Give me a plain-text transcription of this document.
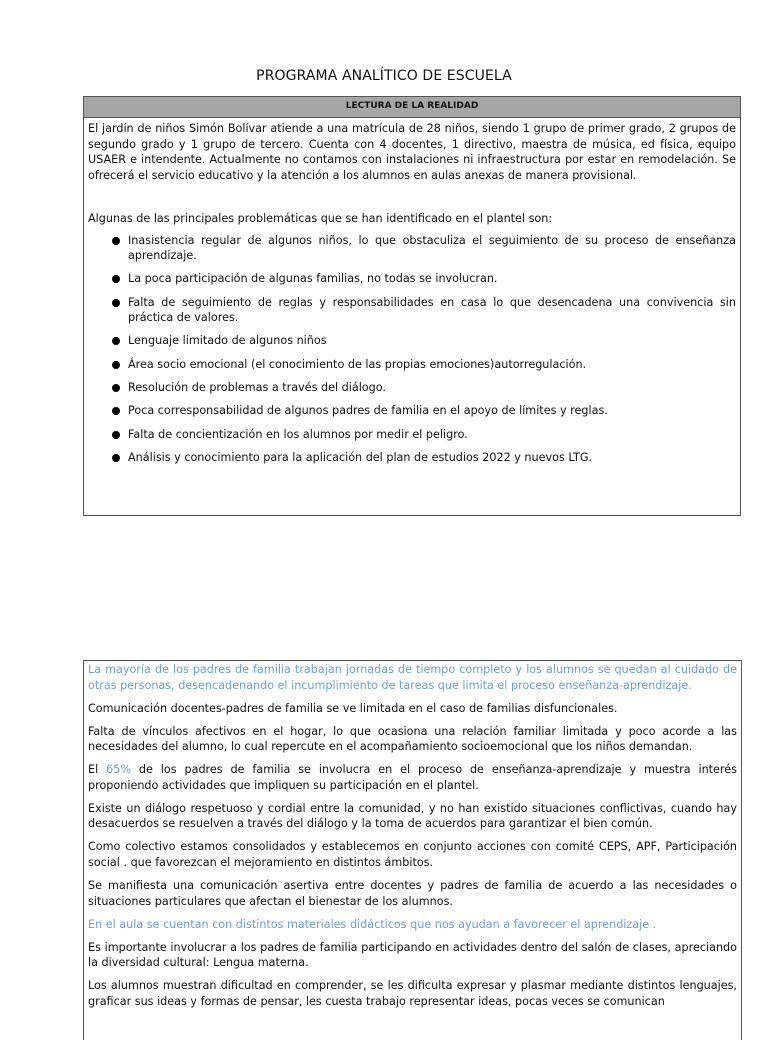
PROGRAMA ANALÍTICO DE ESCUELA
LECTURA DE LA REALIDAD

El jardín de niños Simón Bolívar atiende a una matrícula de 28 niños, siendo 1 grupo de primer grado, 2 grupos de segundo grado y 1 grupo de tercero. Cuenta con 4 docentes, 1 directivo, maestra de música, ed física, equipo USAER e intendente. Actualmente no contamos con instalaciones ni infraestructura por estar en remodelación. Se ofrecerá el servicio educativo y la atención a los alumnos en aulas anexas de manera provisional.

Algunas de las principales problemáticas que se han identificado en el plantel son:

Inasistencia regular de algunos niños, lo que obstaculiza el seguimiento de su proceso de enseñanza aprendizaje.
La poca participación de algunas familias, no todas se involucran.
Falta de seguimiento de reglas y responsabilidades en casa lo que desencadena una convivencia sin práctica de valores.
Lenguaje limitado de algunos niños
Área socio emocional (el conocimiento de las propias emociones)autorregulación.
Resolución de problemas a través del diálogo.
Poca corresponsabilidad de algunos padres de familia en el apoyo de límites y reglas.
Falta de concientización en los alumnos por medir el peligro.
Análisis y conocimiento para la aplicación del plan de estudios 2022 y nuevos LTG.

La mayoría de los padres de familia trabajan jornadas de tiempo completo y los alumnos se quedan al cuidado de otras personas, desencadenando el incumplimiento de tareas que limita el proceso enseñanza-aprendizaje.

Comunicación docentes-padres de familia se ve limitada en el caso de familias disfuncionales.

Falta de vínculos afectivos en el hogar, lo que ocasiona una relación familiar limitada y poco acorde a las necesidades del alumno, lo cual repercute en el acompañamiento socioemocional que los niños demandan.

El 65% de los padres de familia se involucra en el proceso de enseñanza-aprendizaje y muestra interés proponiendo actividades que impliquen su participación en el plantel.

Existe un diálogo respetuoso y cordial entre la comunidad, y no han existido situaciones conflictivas, cuando hay desacuerdos se resuelven a través del diálogo y la toma de acuerdos para garantizar el bien común.

Como colectivo estamos consolidados y establecemos en conjunto acciones con comité CEPS, APF, Participación social . que favorezcan el mejoramiento en distintos ámbitos.

Se manifiesta una comunicación asertiva entre docentes y padres de familia de acuerdo a las necesidades o situaciones particulares que afectan el bienestar de los alumnos.

En el aula se cuentan con distintos materiales didácticos que nos ayudan a favorecer el aprendizaje .

Es importante involucrar a los padres de familia participando en actividades dentro del salón de clases, apreciando la diversidad cultural: Lengua materna.

Los alumnos muestran dificultad en comprender, se les dificulta expresar y plasmar mediante distintos lenguajes, graficar sus ideas y formas de pensar, les cuesta trabajo representar ideas, pocas veces se comunican
